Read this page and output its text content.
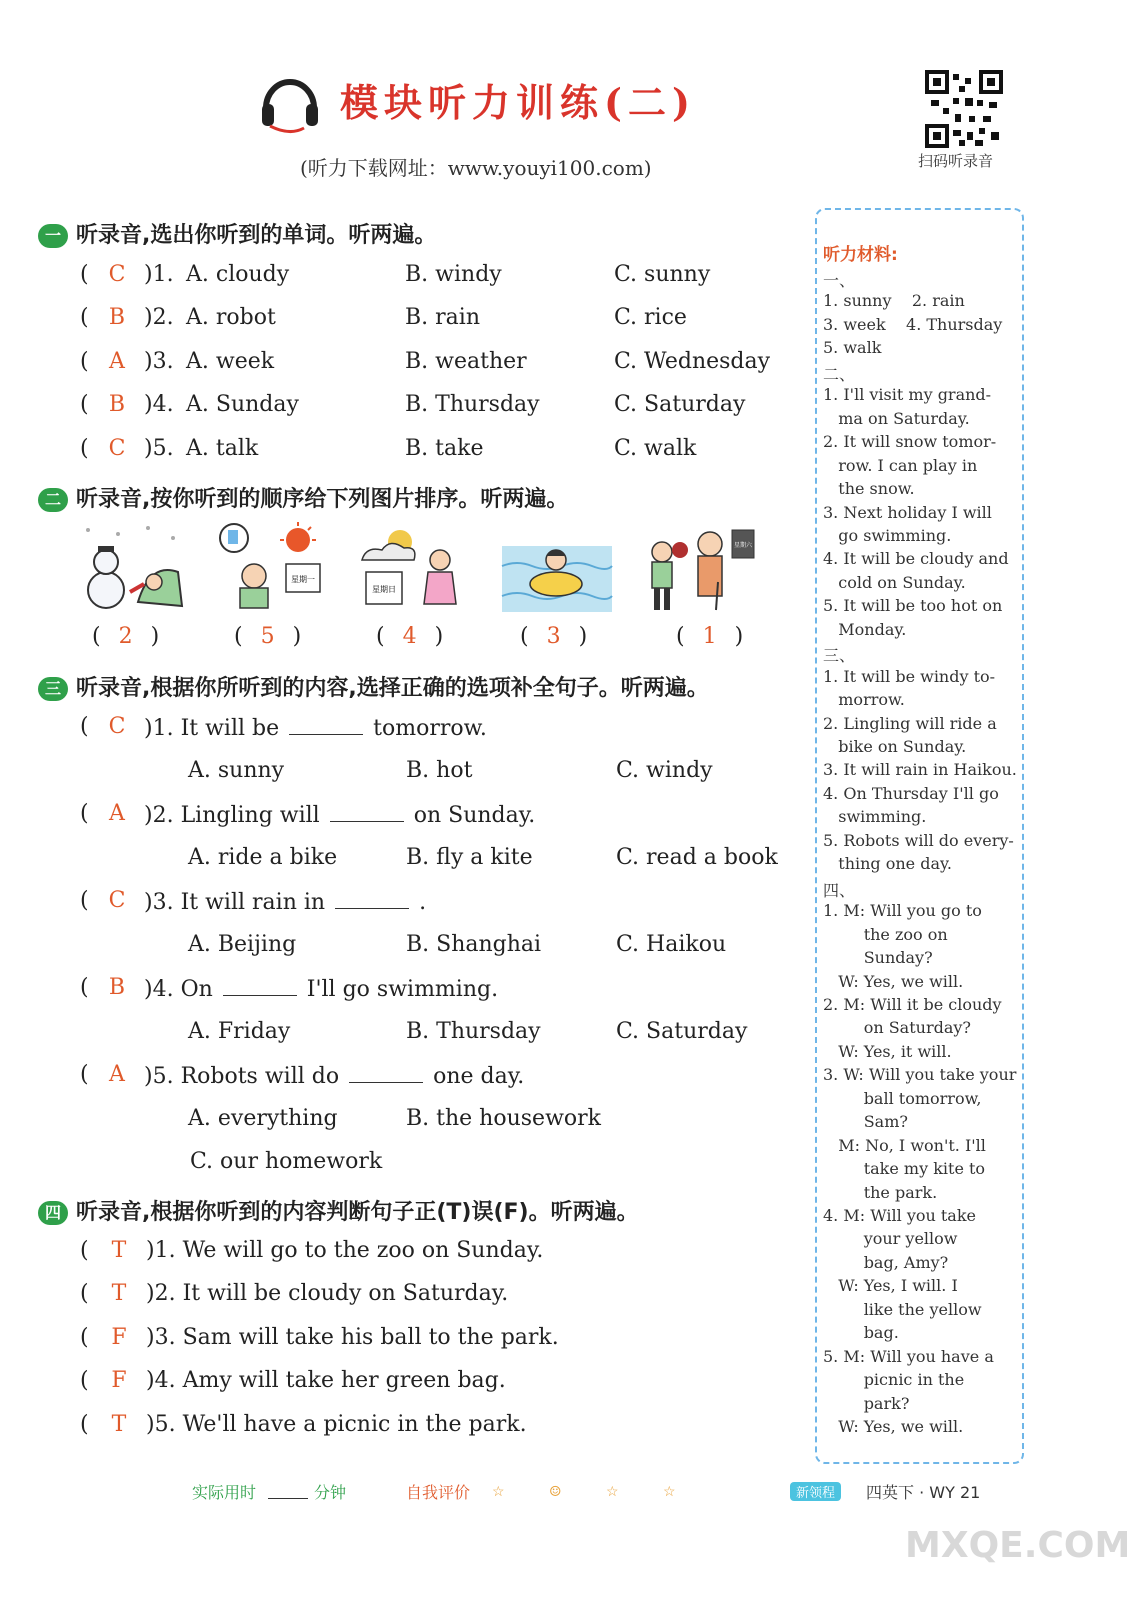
模块听力训练(二)
(听力下载网址：www.youyi100.com)	扫码听录音
一 听录音,选出你听到的单词。听两遍。
( C )1. A. cloudy	B. windy	C. sunny
( B )2. A. robot	B. rain	C. rice
( A )3. A. week	B. weather	C. Wednesday
( B )4. A. Sunday	B. Thursday	C. Saturday
( C )5. A. talk	B. take	C. walk
二 听录音,按你听到的顺序给下列图片排序。听两遍。
星期一
星期日
星期六
( 2 )	( 5 )	( 4 )	( 3 )	( 1 )
三 听录音,根据你所听到的内容,选择正确的选项补全句子。听两遍。
( C )1. It will be	tomorrow.
A. sunny	B. hot	C. windy
( A )2. Lingling will	on Sunday.
A. ride a bike	B. fly a kite	C. read a book
( C )3. It will rain in	.
A. Beijing	B. Shanghai	C. Haikou
( B )4. On	I'll go swimming.
A. Friday	B. Thursday	C. Saturday
( A )5. Robots will do	one day.
A. everything	B. the housework
C. our homework
四 听录音,根据你听到的内容判断句子正(T)误(F)。听两遍。
(	T )1. We will go to the zoo on Sunday.
(	T )2. It will be cloudy on Saturday.
(	F )3. Sam will take his ball to the park.
(	F )4. Amy will take her green bag.
(	T )5. We'll have a picnic in the park.
听力材料:
一、
1. sunny    2. rain
3. week    4. Thursday
5. walk
二、
1. I'll visit my grand-
ma on Saturday.
2. It will snow tomor-
row. I can play in
the snow.
3. Next holiday I will
go swimming.
4. It will be cloudy and
cold on Sunday.
5. It will be too hot on
Monday.
三、
1. It will be windy to-
morrow.
2. Lingling will ride a
bike on Sunday.
3. It will rain in Haikou.
4. On Thursday I'll go
swimming.
5. Robots will do every-
thing one day.
四、
1. M: Will you go to
the zoo on
Sunday?
W: Yes, we will.
2. M: Will it be cloudy
on Saturday?
W: Yes, it will.
3. W: Will you take your
ball tomorrow,
Sam?
M: No, I won't. I'll
take my kite to
the park.
4. M: Will you take
your yellow
bag, Amy?
W: Yes, I will. I
like the yellow
bag.
5. M: Will you have a
picnic in the
park?
W: Yes, we will.
实际用时	分钟	自我评价 ☆	☺	☆	☆	新领程	四英下 · WY 21
MXQE.COM
